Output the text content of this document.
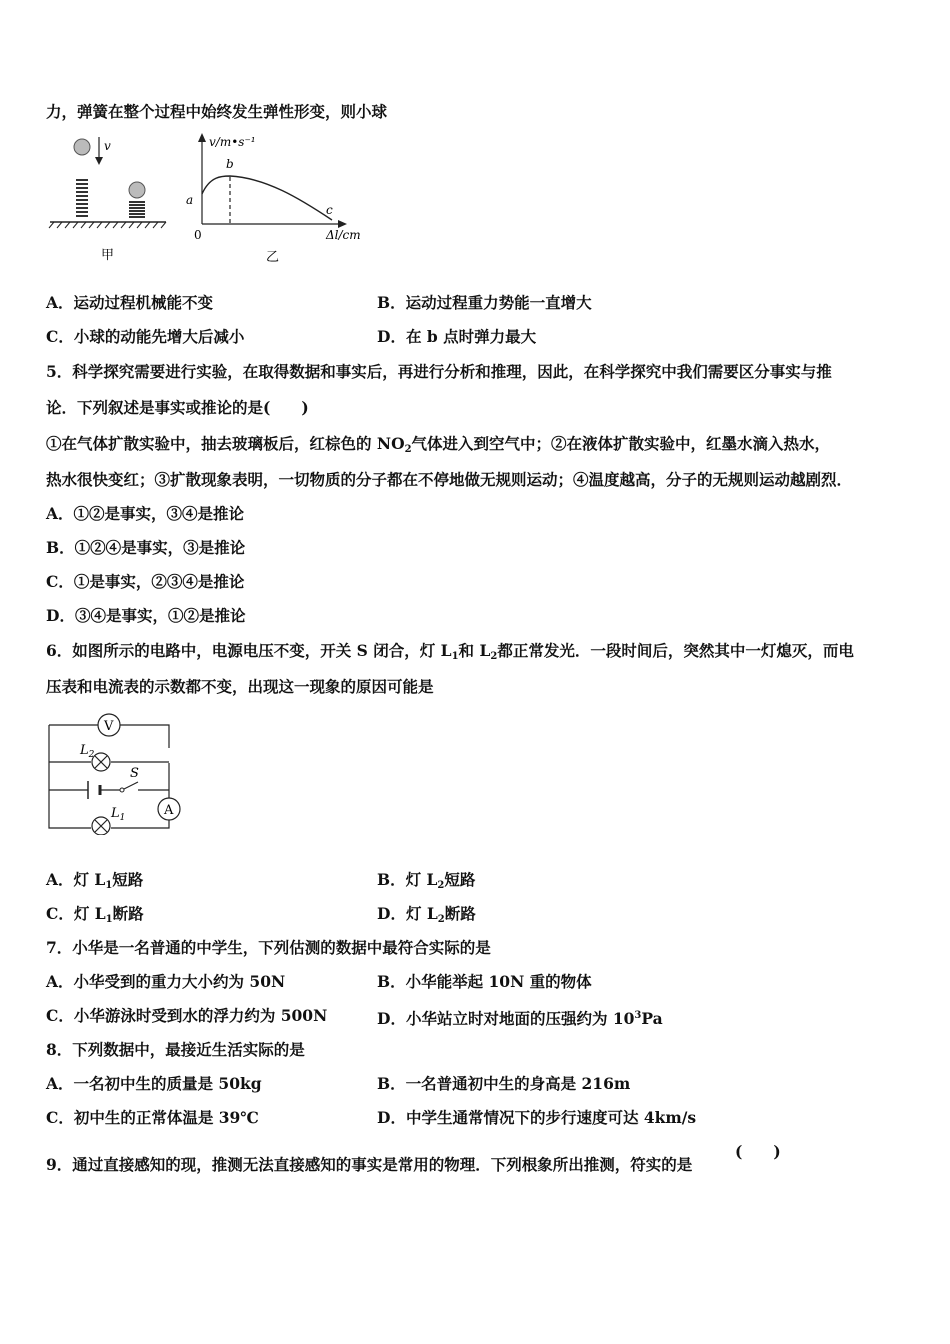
力，弹簧在整个过程中始终发生弹性形变，则小球
v
甲
v/m•s⁻¹
Δl/cm
0
a
b
c
乙
A．运动过程机械能不变	B．运动过程重力势能一直增大
C．小球的动能先增大后减小	D．在 b 点时弹力最大
5．科学探究需要进行实验，在取得数据和事实后，再进行分析和推理，因此，在科学探究中我们需要区分事实与推
论．下列叙述是事实或推论的是(　　)
①在气体扩散实验中，抽去玻璃板后，红棕色的 $NO_2$气体进入到空气中；②在液体扩散实验中，红墨水滴入热水，
热水很快变红；③扩散现象表明，一切物质的分子都在不停地做无规则运动；④温度越高，分子的无规则运动越剧烈．
A．①②是事实，③④是推论
B．①②④是事实，③是推论
C．①是事实，②③④是推论
D．③④是事实，①②是推论
6．如图所示的电路中，电源电压不变，开关 S 闭合，灯 $L_1$和 $L_2$都正常发光．一段时间后，突然其中一灯熄灭，而电
压表和电流表的示数都不变，出现这一现象的原因可能是
V
$L_2$
S
A
$L_1$
A．灯 $L_1$短路	B．灯 $L_2$短路
C．灯 $L_1$断路	D．灯 $L_2$断路
7．小华是一名普通的中学生，下列估测的数据中最符合实际的是
A．小华受到的重力大小约为 50N	B．小华能举起 10N 重的物体
C．小华游泳时受到水的浮力约为 500N	D．小华站立时对地面的压强约为 $10^3Pa$
8．下列数据中，最接近生活实际的是
A．一名初中生的质量是 50kg	B．一名普通初中生的身高是 216m
C．初中生的正常体温是 39℃	D．中学生通常情况下的步行速度可达 4km/s
9．通过直接感知的现，推测无法直接感知的事实是常用的物理．下列根象所出推测，符实的是
(　　)
